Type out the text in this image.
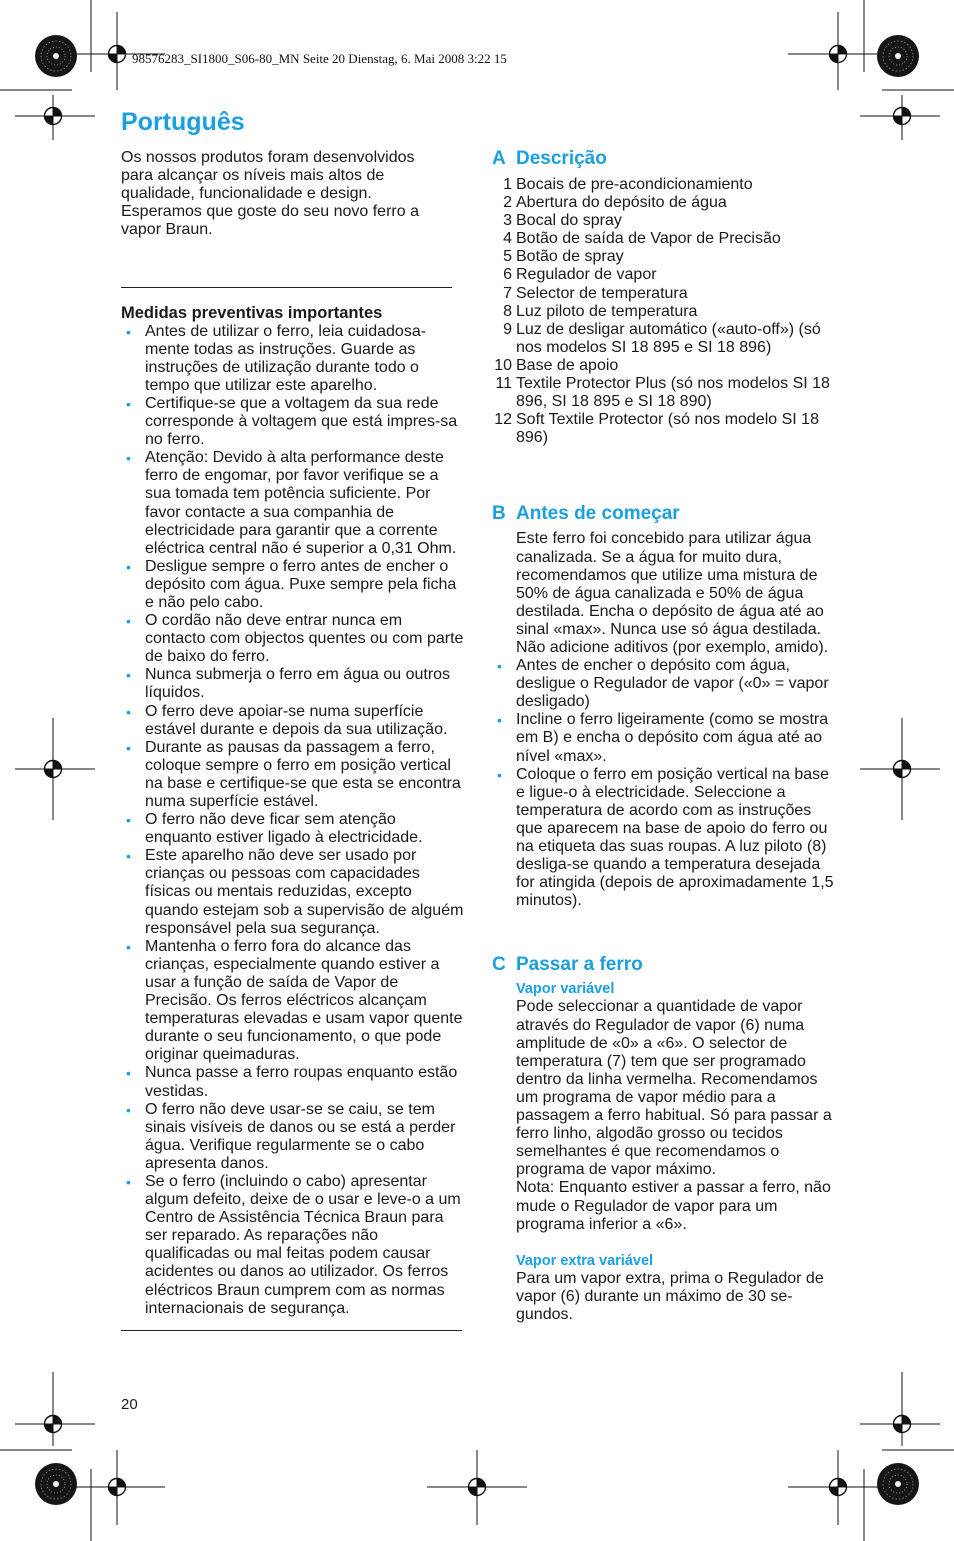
98576283_SI1800_S06-80_MN Seite 20 Dienstag, 6. Mai 2008 3:22 15
Português

Os nossos produtos foram desenvolvidos para alcançar os níveis mais altos de qualidade, funcionalidade e design. Esperamos que goste do seu novo ferro a vapor Braun.

Medidas preventivas importantes

• Antes de utilizar o ferro, leia cuidadosa-mente todas as instruções. Guarde as instruções de utilização durante todo o tempo que utilizar este aparelho.
• Certifique-se que a voltagem da sua rede corresponde à voltagem que está impres-sa no ferro.
• Atenção: Devido à alta performance deste ferro de engomar, por favor verifique se a sua tomada tem potência suficiente. Por favor contacte a sua companhia de electricidade para garantir que a corrente eléctrica central não é superior a 0,31 Ohm.
• Desligue sempre o ferro antes de encher o depósito com água. Puxe sempre pela ficha e não pelo cabo.
• O cordão não deve entrar nunca em contacto com objectos quentes ou com parte de baixo do ferro.
• Nunca submerja o ferro em água ou outros líquidos.
• O ferro deve apoiar-se numa superfície estável durante e depois da sua utilização.
• Durante as pausas da passagem a ferro, coloque sempre o ferro em posição vertical na base e certifique-se que esta se encontra numa superfície estável.
• O ferro não deve ficar sem atenção enquanto estiver ligado à electricidade.
• Este aparelho não deve ser usado por crianças ou pessoas com capacidades físicas ou mentais reduzidas, excepto quando estejam sob a supervisão de alguém responsável pela sua segurança.
• Mantenha o ferro fora do alcance das crianças, especialmente quando estiver a usar a função de saída de Vapor de Precisão. Os ferros eléctricos alcançam temperaturas elevadas e usam vapor quente durante o seu funcionamento, o que pode originar queimaduras.
• Nunca passe a ferro roupas enquanto estão vestidas.
• O ferro não deve usar-se se caiu, se tem sinais visíveis de danos ou se está a perder água. Verifique regularmente se o cabo apresenta danos.
• Se o ferro (incluindo o cabo) apresentar algum defeito, deixe de o usar e leve-o a um Centro de Assistência Técnica Braun para ser reparado. As reparações não qualificadas ou mal feitas podem causar acidentes ou danos ao utilizador. Os ferros eléctricos Braun cumprem com as normas internacionais de segurança.
A Descrição
1 Bocais de pre-acondicionamiento
2 Abertura do depósito de água
3 Bocal do spray
4 Botão de saída de Vapor de Precisão
5 Botão de spray
6 Regulador de vapor
7 Selector de temperatura
8 Luz piloto de temperatura
9 Luz de desligar automático («auto-off») (só nos modelos SI 18 895 e SI 18 896)
10 Base de apoio
11 Textile Protector Plus (só nos modelos SI 18 896, SI 18 895 e SI 18 890)
12 Soft Textile Protector (só nos modelo SI 18 896)
B Antes de começar

Este ferro foi concebido para utilizar água canalizada. Se a água for muito dura, recomendamos que utilize uma mistura de 50% de água canalizada e 50% de água destilada. Encha o depósito de água até ao sinal «max». Nunca use só água destilada. Não adicione aditivos (por exemplo, amido).

• Antes de encher o depósito com água, desligue o Regulador de vapor («0» = vapor desligado)
• Incline o ferro ligeiramente (como se mostra em B) e encha o depósito com água até ao nível «max».
• Coloque o ferro em posição vertical na base e ligue-o à electricidade. Seleccione a temperatura de acordo com as instruções que aparecem na base de apoio do ferro ou na etiqueta das suas roupas. A luz piloto (8) desliga-se quando a temperatura desejada for atingida (depois de aproximadamente 1,5 minutos).
C Passar a ferro

Vapor variável

Pode seleccionar a quantidade de vapor através do Regulador de vapor (6) numa amplitude de «0» a «6». O selector de temperatura (7) tem que ser programado dentro da linha vermelha. Recomendamos um programa de vapor médio para a passagem a ferro habitual. Só para passar a ferro linho, algodão grosso ou tecidos semelhantes é que recomendamos o programa de vapor máximo.

Nota: Enquanto estiver a passar a ferro, não mude o Regulador de vapor para um programa inferior a «6».

Vapor extra variável

Para um vapor extra, prima o Regulador de vapor (6) durante un máximo de 30 se-gundos.

20
